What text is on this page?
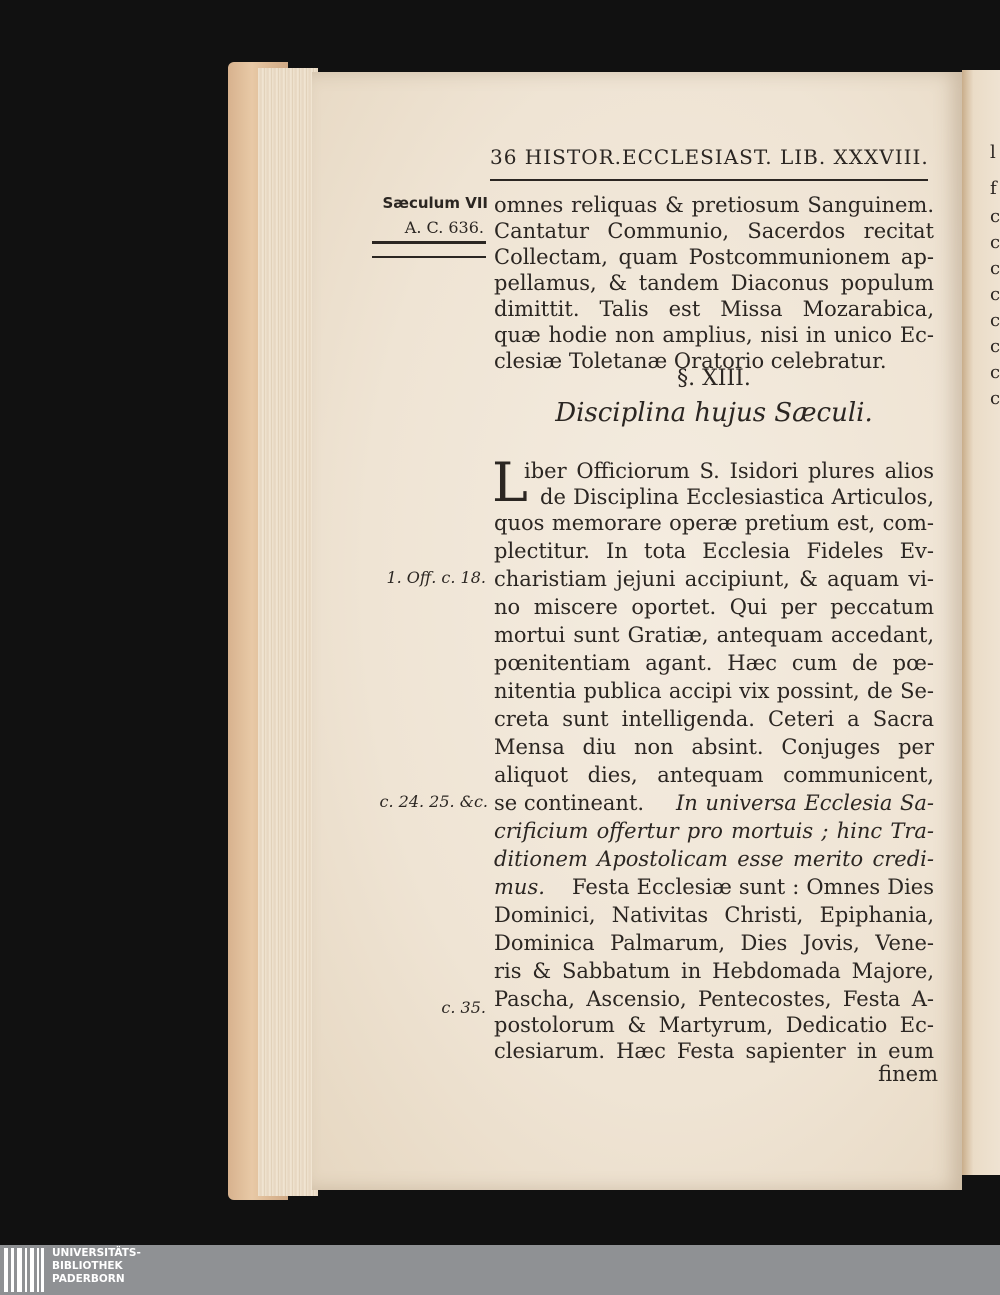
l
f
c
c
c
c
c
c
c
c
36 HISTOR.ECCLESIAST. LIB. XXXVIII.
Sæculum VII
A. C. 636.
1. Off. c. 18.
c. 24. 25. &c.
c. 35.
omnes reliquas & pretiosum Sanguinem.
Cantatur Communio, Sacerdos recitat
Collectam, quam Postcommunionem ap-
pellamus, & tandem Diaconus populum
dimittit. Talis est Missa Mozarabica,
quæ hodie non amplius, nisi in unico Ec-
clesiæ Toletanæ Oratorio celebratur.
§. XIII.
Disciplina hujus Sæculi.
L
iber Officiorum S. Isidori plures alios
de Disciplina Ecclesiastica Articulos,
quos memorare operæ pretium est, com-
plectitur. In tota Ecclesia Fideles Ev-
charistiam jejuni accipiunt, & aquam vi-
no miscere oportet. Qui per peccatum
mortui sunt Gratiæ, antequam accedant,
pœnitentiam agant. Hæc cum de pœ-
nitentia publica accipi vix possint, de Se-
creta sunt intelligenda. Ceteri a Sacra
Mensa diu non absint. Conjuges per
aliquot dies, antequam communicent,
se contineant.	In universa Ecclesia Sa-
crificium offertur pro mortuis ; hinc Tra-
ditionem Apostolicam esse merito credi-
mus.	Festa Ecclesiæ sunt : Omnes Dies
Dominici, Nativitas Christi, Epiphania,
Dominica Palmarum, Dies Jovis, Vene-
ris & Sabbatum in Hebdomada Majore,
Pascha, Ascensio, Pentecostes, Festa A-
postolorum & Martyrum, Dedicatio Ec-
clesiarum. Hæc Festa sapienter in eum
finem
UNIVERSITÄTS-
BIBLIOTHEK
PADERBORN
